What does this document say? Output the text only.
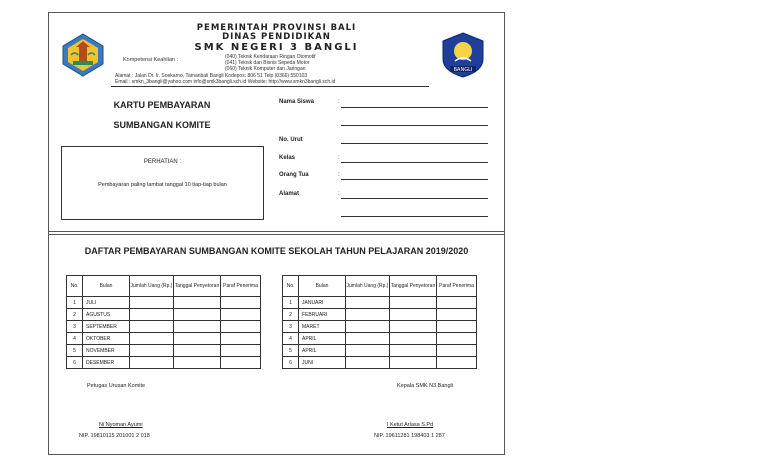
PEMERINTAH PROVINSI BALI
DINAS PENDIDIKAN
SMK NEGERI 3 BANGLI
Kompetensi Keahlian :	(040) Teknik Kendaraan Ringan Otomotif
(041) Teknik dan Bisnis Sepeda Motor
(060) Teknik Komputer dan Jaringan
Alamat : Jalan Dr. Ir. Soekarno, Tamanbali Bangli Kodepos: 806 51 Telp (0366) 550103
Email : smkn_3bangli@yahoo.com info@smk3bangli.sch.id Website: http://www.smkn3bangli.sch.id
BANGLI
KARTU PEMBAYARAN
SUMBANGAN KOMITE
PERHATIAN :
Pembayaran paling lambat tanggal 10 tiap-tiap bulan
Nama Siswa	:
No. Urut
Kelas	:
Orang Tua	:
Alamat	:
DAFTAR PEMBAYARAN SUMBANGAN KOMITE SEKOLAH TAHUN PELAJARAN 2019/2020
No.	Bulan	Jumlah Uang (Rp.)	Tanggal Penyetoran	Paraf Penerima
1	JULI			
2	AGUSTUS			
3	SEPTEMBER			
4	OKTOBER			
5	NOVEMBER			
6	DESEMBER			
No.	Bulan	Jumlah Uang (Rp.)	Tanggal Penyetoran	Paraf Penerima
1	JANUARI			
2	FEBRUARI			
3	MARET			
4	APRIL			
5	APRIL			
6	JUNI			
Petugas Urusan Komite
Ni Nyoman Ayumi
NIP. 19810115 201001 2 018
Kepala SMK N3 Bangli
I Ketut Ariasa S.Pd
NIP. 19611281 198403 1 287
